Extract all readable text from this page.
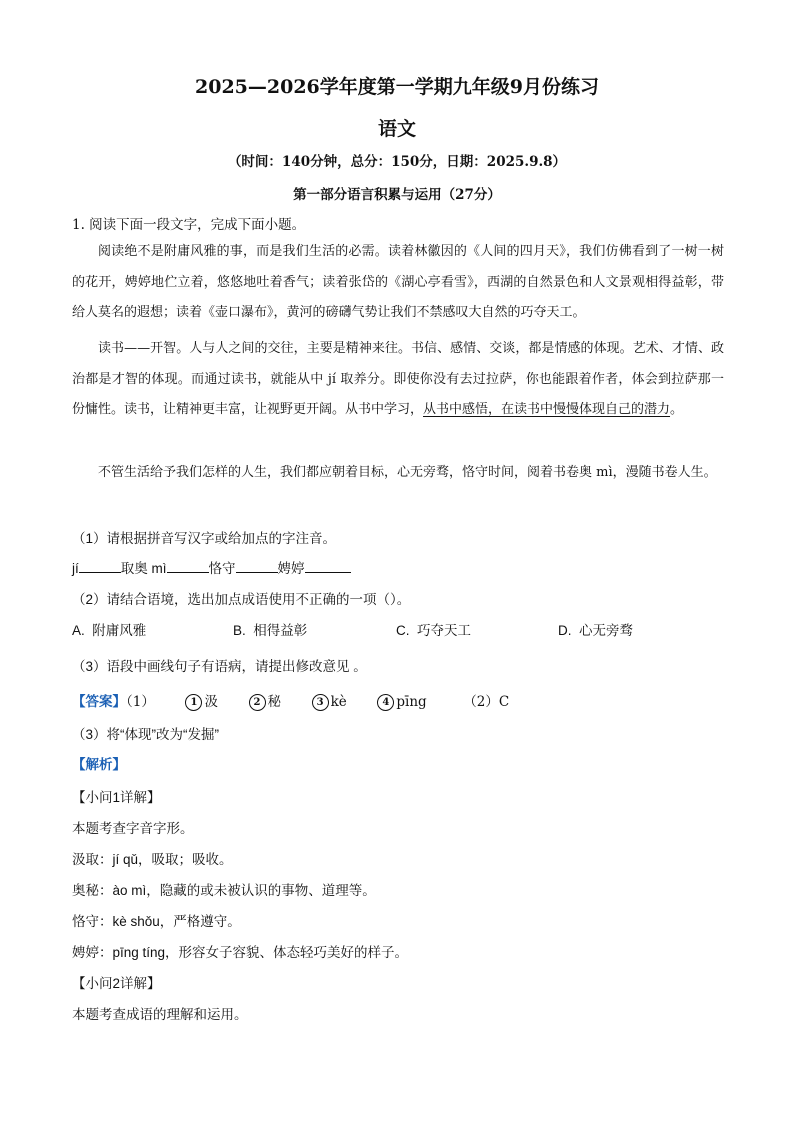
2025—2026学年度第一学期九年级9月份练习
语文
（时间：140分钟，总分：150分，日期：2025.9.8）
第一部分语言积累与运用（27分）
1. 阅读下面一段文字，完成下面小题。
阅读绝不是附庸风雅的事，而是我们生活的必需。读着林徽因的《人间的四月天》，我们仿佛看到了一树一树的花开，娉婷地伫立着，悠悠地吐着香气；读着张岱的《湖心亭看雪》，西湖的自然景色和人文景观相得益彰，带给人莫名的遐想；读着《壶口瀑布》，黄河的磅礴气势让我们不禁感叹大自然的巧夺天工。
读书——开智。人与人之间的交往，主要是精神来往。书信、感情、交谈，都是情感的体现。艺术、才情、政治都是才智的体现。而通过读书，就能从中 jí 取养分。即使你没有去过拉萨，你也能跟着作者，体会到拉萨那一份慵性。读书，让精神更丰富，让视野更开阔。从书中学习，从书中感悟，在读书中慢慢体现自己的潜力。
不管生活给予我们怎样的人生，我们都应朝着目标，心无旁骛，恪守时间，阅着书卷奥 mì，漫随书卷人生。
（1）请根据拼音写汉字或给加点的字注音。
jí	取奥 mì	恪守	娉婷
（2）请结合语境，选出加点成语使用不正确的一项（）。
A. 附庸风雅	B. 相得益彰	C. 巧夺天工	D. 心无旁骛
（3）语段中画线句子有语病，请提出修改意见 。
【答案】（1）	1 汲	2 秘	3 kè	4 pīng	（2）C
（3）将“体现”改为“发掘”
【解析】
【小问1详解】
本题考查字音字形。
汲取：jí qǔ，吸取；吸收。
奥秘：ào mì，隐藏的或未被认识的事物、道理等。
恪守：kè shǒu，严格遵守。
娉婷：pīng tíng，形容女子容貌、体态轻巧美好的样子。
【小问2详解】
本题考查成语的理解和运用。
